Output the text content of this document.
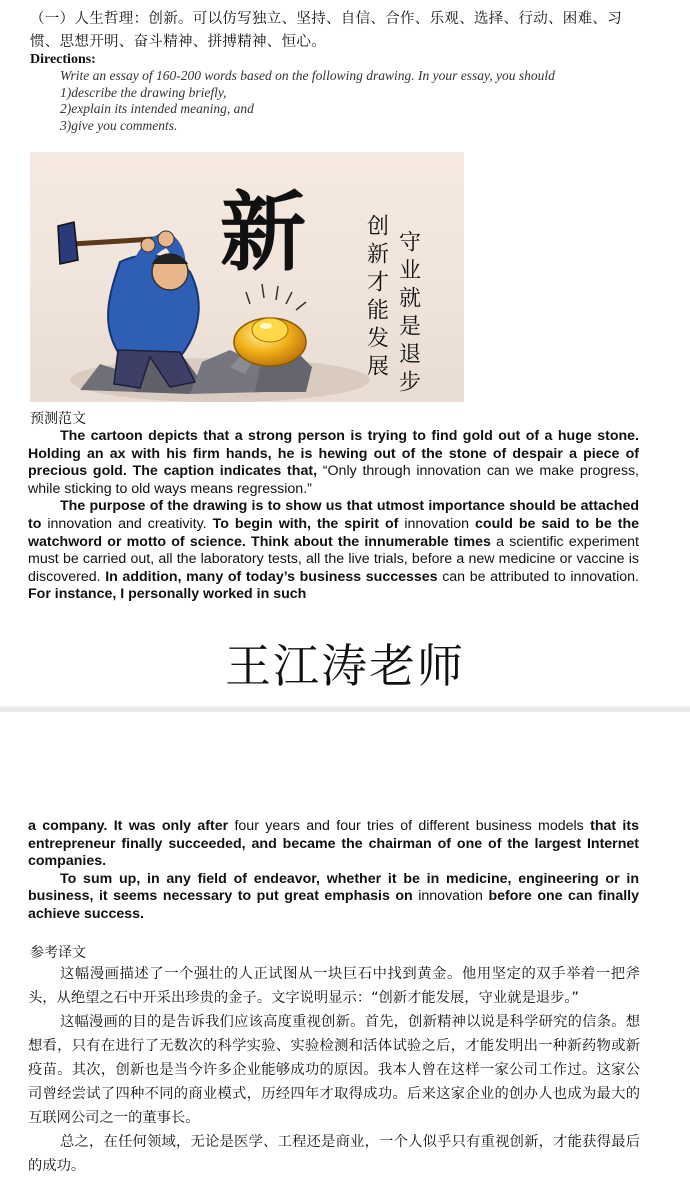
（一）人生哲理：创新。可以仿写独立、坚持、自信、合作、乐观、选择、行动、困难、习惯、思想开明、奋斗精神、拼搏精神、恒心。
Directions:
Write an essay of 160-200 words based on the following drawing. In your essay, you should
1)describe the drawing briefly,
2)explain its intended meaning, and
3)give you comments.
新	守业就是退步
创新才能发展
预测范文

The cartoon depicts that a strong person is trying to find gold out of a huge stone. Holding an ax with his firm hands, he is hewing out of the stone of despair a piece of precious gold. The caption indicates that, “Only through innovation can we make progress, while sticking to old ways means regression.”

The purpose of the drawing is to show us that utmost importance should be attached to innovation and creativity. To begin with, the spirit of innovation could be said to be the watchword or motto of science. Think about the innumerable times a scientific experiment must be carried out, all the laboratory tests, all the live trials, before a new medicine or vaccine is discovered. In addition, many of today’s business successes can be attributed to innovation. For instance, I personally worked in such

王江涛老师

a company. It was only after four years and four tries of different business models that its entrepreneur finally succeeded, and became the chairman of one of the largest Internet companies.

To sum up, in any field of endeavor, whether it be in medicine, engineering or in business, it seems necessary to put great emphasis on innovation before one can finally achieve success.

参考译文

这幅漫画描述了一个强壮的人正试图从一块巨石中找到黄金。他用坚定的双手举着一把斧头，从绝望之石中开采出珍贵的金子。文字说明显示：“创新才能发展，守业就是退步。”

这幅漫画的目的是告诉我们应该高度重视创新。首先，创新精神以说是科学研究的信条。想想看，只有在进行了无数次的科学实验、实验检测和活体试验之后，才能发明出一种新药物或新疫苗。其次，创新也是当今许多企业能够成功的原因。我本人曾在这样一家公司工作过。这家公司曾经尝试了四种不同的商业模式，历经四年才取得成功。后来这家企业的创办人也成为最大的互联网公司之一的董事长。

总之，在任何领域，无论是医学、工程还是商业，一个人似乎只有重视创新，才能获得最后的成功。
